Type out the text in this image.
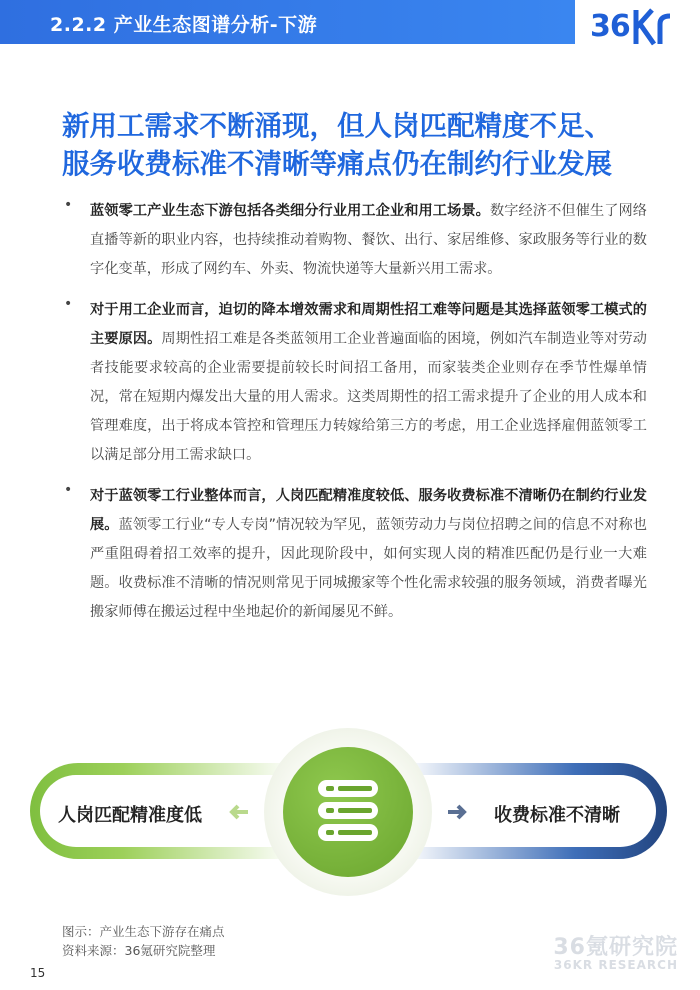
2.2.2 产业生态图谱分析-下游	36
新用工需求不断涌现，但人岗匹配精度不足、
服务收费标准不清晰等痛点仍在制约行业发展
• 蓝领零工产业生态下游包括各类细分行业用工企业和用工场景。数字经济不但催生了网络直播等新的职业内容，也持续推动着购物、餐饮、出行、家居维修、家政服务等行业的数字化变革，形成了网约车、外卖、物流快递等大量新兴用工需求。

• 对于用工企业而言，迫切的降本增效需求和周期性招工难等问题是其选择蓝领零工模式的主要原因。周期性招工难是各类蓝领用工企业普遍面临的困境，例如汽车制造业等对劳动者技能要求较高的企业需要提前较长时间招工备用，而家装类企业则存在季节性爆单情况，常在短期内爆发出大量的用人需求。这类周期性的招工需求提升了企业的用人成本和管理难度，出于将成本管控和管理压力转嫁给第三方的考虑，用工企业选择雇佣蓝领零工以满足部分用工需求缺口。

• 对于蓝领零工行业整体而言，人岗匹配精准度较低、服务收费标准不清晰仍在制约行业发展。蓝领零工行业“专人专岗”情况较为罕见，蓝领劳动力与岗位招聘之间的信息不对称也严重阻碍着招工效率的提升，因此现阶段中，如何实现人岗的精准匹配仍是行业一大难题。收费标准不清晰的情况则常见于同城搬家等个性化需求较强的服务领域，消费者曝光搬家师傅在搬运过程中坐地起价的新闻屡见不鲜。

人岗匹配精准度低	收费标准不清晰
图示：产业生态下游存在痛点
资料来源：36氪研究院整理	36氪研究院
36KR RESEARCH
15
